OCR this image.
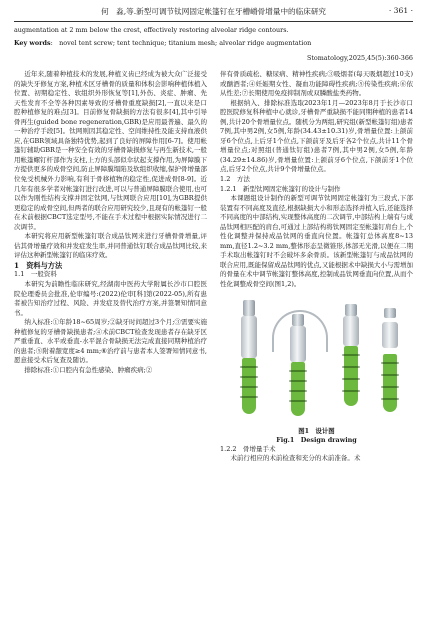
何　淼,等.新型可调节钛网固定帐篷钉在牙槽嵴骨增量中的临床研究	· 361 ·
augmentation at 2 mm below the crest, effectively restoring alveolar ridge contours.
Key words:　novel tent screw; tent technique; titanium mesh; alveolar ridge augmentation
Stomatology,2025,45(5):360-366

近年来,随着种植技术的发展,种植义齿已经成为被大众广泛接受的缺失牙修复方案,种植术区牙槽骨的质量和体积会影响种植体植入位置、初期稳定性、软组织外形恢复等[1],外伤、炎症、肿瘤、先天性发育不全等各种因素导致的牙槽骨重度缺损[2],一直以来是口腔种植修复的难点[3]。目前修复骨缺损的方法有很多[4],其中引导骨再生(guided bone regeneration,GBR)是应用最普遍、最久的一种治疗手段[5]。钛网则因其稳定性、空间维持性及能支持血液供应,在GBR领域具备独特优势,起到了良好的屏障作用[6-7]。使用帐篷钉辅助GBR是一种安全有效的牙槽骨缺损修复与再生新技术,一般用帐篷螺钉杆部作为支柱,上方的头部似伞状起支撑作用,为屏障膜下方提供更多的成骨空间,防止屏障膜塌陷及软组织收缩,保护骨增量部位免受机械外力影响,有利于骨移植物的稳定性,促进成骨[8-9]。近几年有很多学者对帐篷钉进行改进,可以与普通屏障膜联合使用,也可以作为刚性结构支撑并固定钛网,与钛网联合应用[10],为GBR提供更稳定的成骨空间,但两者的联合应用研究较少,且现有的帐篷钉一般在术前根据CBCT选定型号,不能在手术过程中根据实际情况进行二次调节。

本研究将应用新型帐篷钉联合成品钛网来进行牙槽骨骨增量,评估其骨增量疗效和并发症发生率,并同普通钛钉联合成品钛网比较,来评估这种新型帐篷钉的临床疗效。

1　资料与方法

1.1　一般资料

本研究为前瞻性临床研究,经湖南中医药大学附属长沙市口腔医院伦理委员会批准,伦审编号:(2022)伦审[科]第(2022-05),所有患者被告知治疗过程、风险、并发症及替代治疗方案,并签署知情同意书。

纳入标准:①年龄18~65周岁;②缺牙时间超过3个月;③需要实施种植修复的牙槽骨缺损患者;④术前CBCT检查发现患者存在缺牙区严重垂直、水平或垂直-水平混合骨缺损无法完成直接同期种植治疗的患者;⑤附着龈宽度≥4 mm;⑥治疗前与患者本人签署知情同意书,愿意接受术后复查及随访。

排除标准:①口腔内有急性感染、肿瘤疾病;②

伴有骨质疏松、糖尿病、精神性疾病;③吸烟者(每天吸烟超过10支)或酗酒者;④妊娠期女性、凝血功能障碍性疾病;⑤传染性疾病;⑥依从性差;⑦长期使用免疫抑制剂或双膦酸盐类药物。

根据纳入、排除标准选取2023年1月—2023年8月于长沙市口腔医院修复科种植中心就诊,牙槽骨严重缺损不能同期种植的患者14例,共计20个骨增量位点。随机分为两组,研究组(新型帐篷钉组)患者7例,其中男2例,女5例,年龄(34.43±10.31)岁,骨增量位置:上颌前牙6个位点,上后牙1个位点,下颌前牙及后牙各2个位点,共计11个骨增量位点;对照组(普通钛钉组)患者7例,其中男2例,女5例,年龄(34.29±14.86)岁,骨增量位置:上颌前牙6个位点,下颌前牙1个位点,后牙2个位点,共计9个骨增量位点。

1.2　方法

1.2.1　新型钛网固定帐篷钉的设计与制作

本课题组设计制作的新型可调节钛网固定帐篷钉为三段式,下部装置有不同高度及直径,根据缺损大小和形态选择并植入后,还能选择不同高度的中部结构,实现整体高度的二次调节,中部结构上端有与成品钛网相匹配的肩台,可通过上部结构将钛网固定至帐篷钉肩台上,个性化调整并保持成品钛网的垂直向位置。帐篷钉总体高度8~13 mm,直径1.2~3.2 mm,整体形态呈微锥形,体部无光滑,以便在二期手术取出帐篷钉时不会破坏多余骨质。该新型帐篷钉与成品钛网的联合应用,既能保留成品钛网的优点,又能根据术中缺损大小与需增加的骨量在术中调节帐篷钉整体高度,控制成品钛网垂直向位置,从而个性化调整成骨空间(图1,2)。

图1　设计图
Fig.1　Design drawing

1.2.2　骨增量手术

术前行相应的术前检查和充分的术前准备。术
